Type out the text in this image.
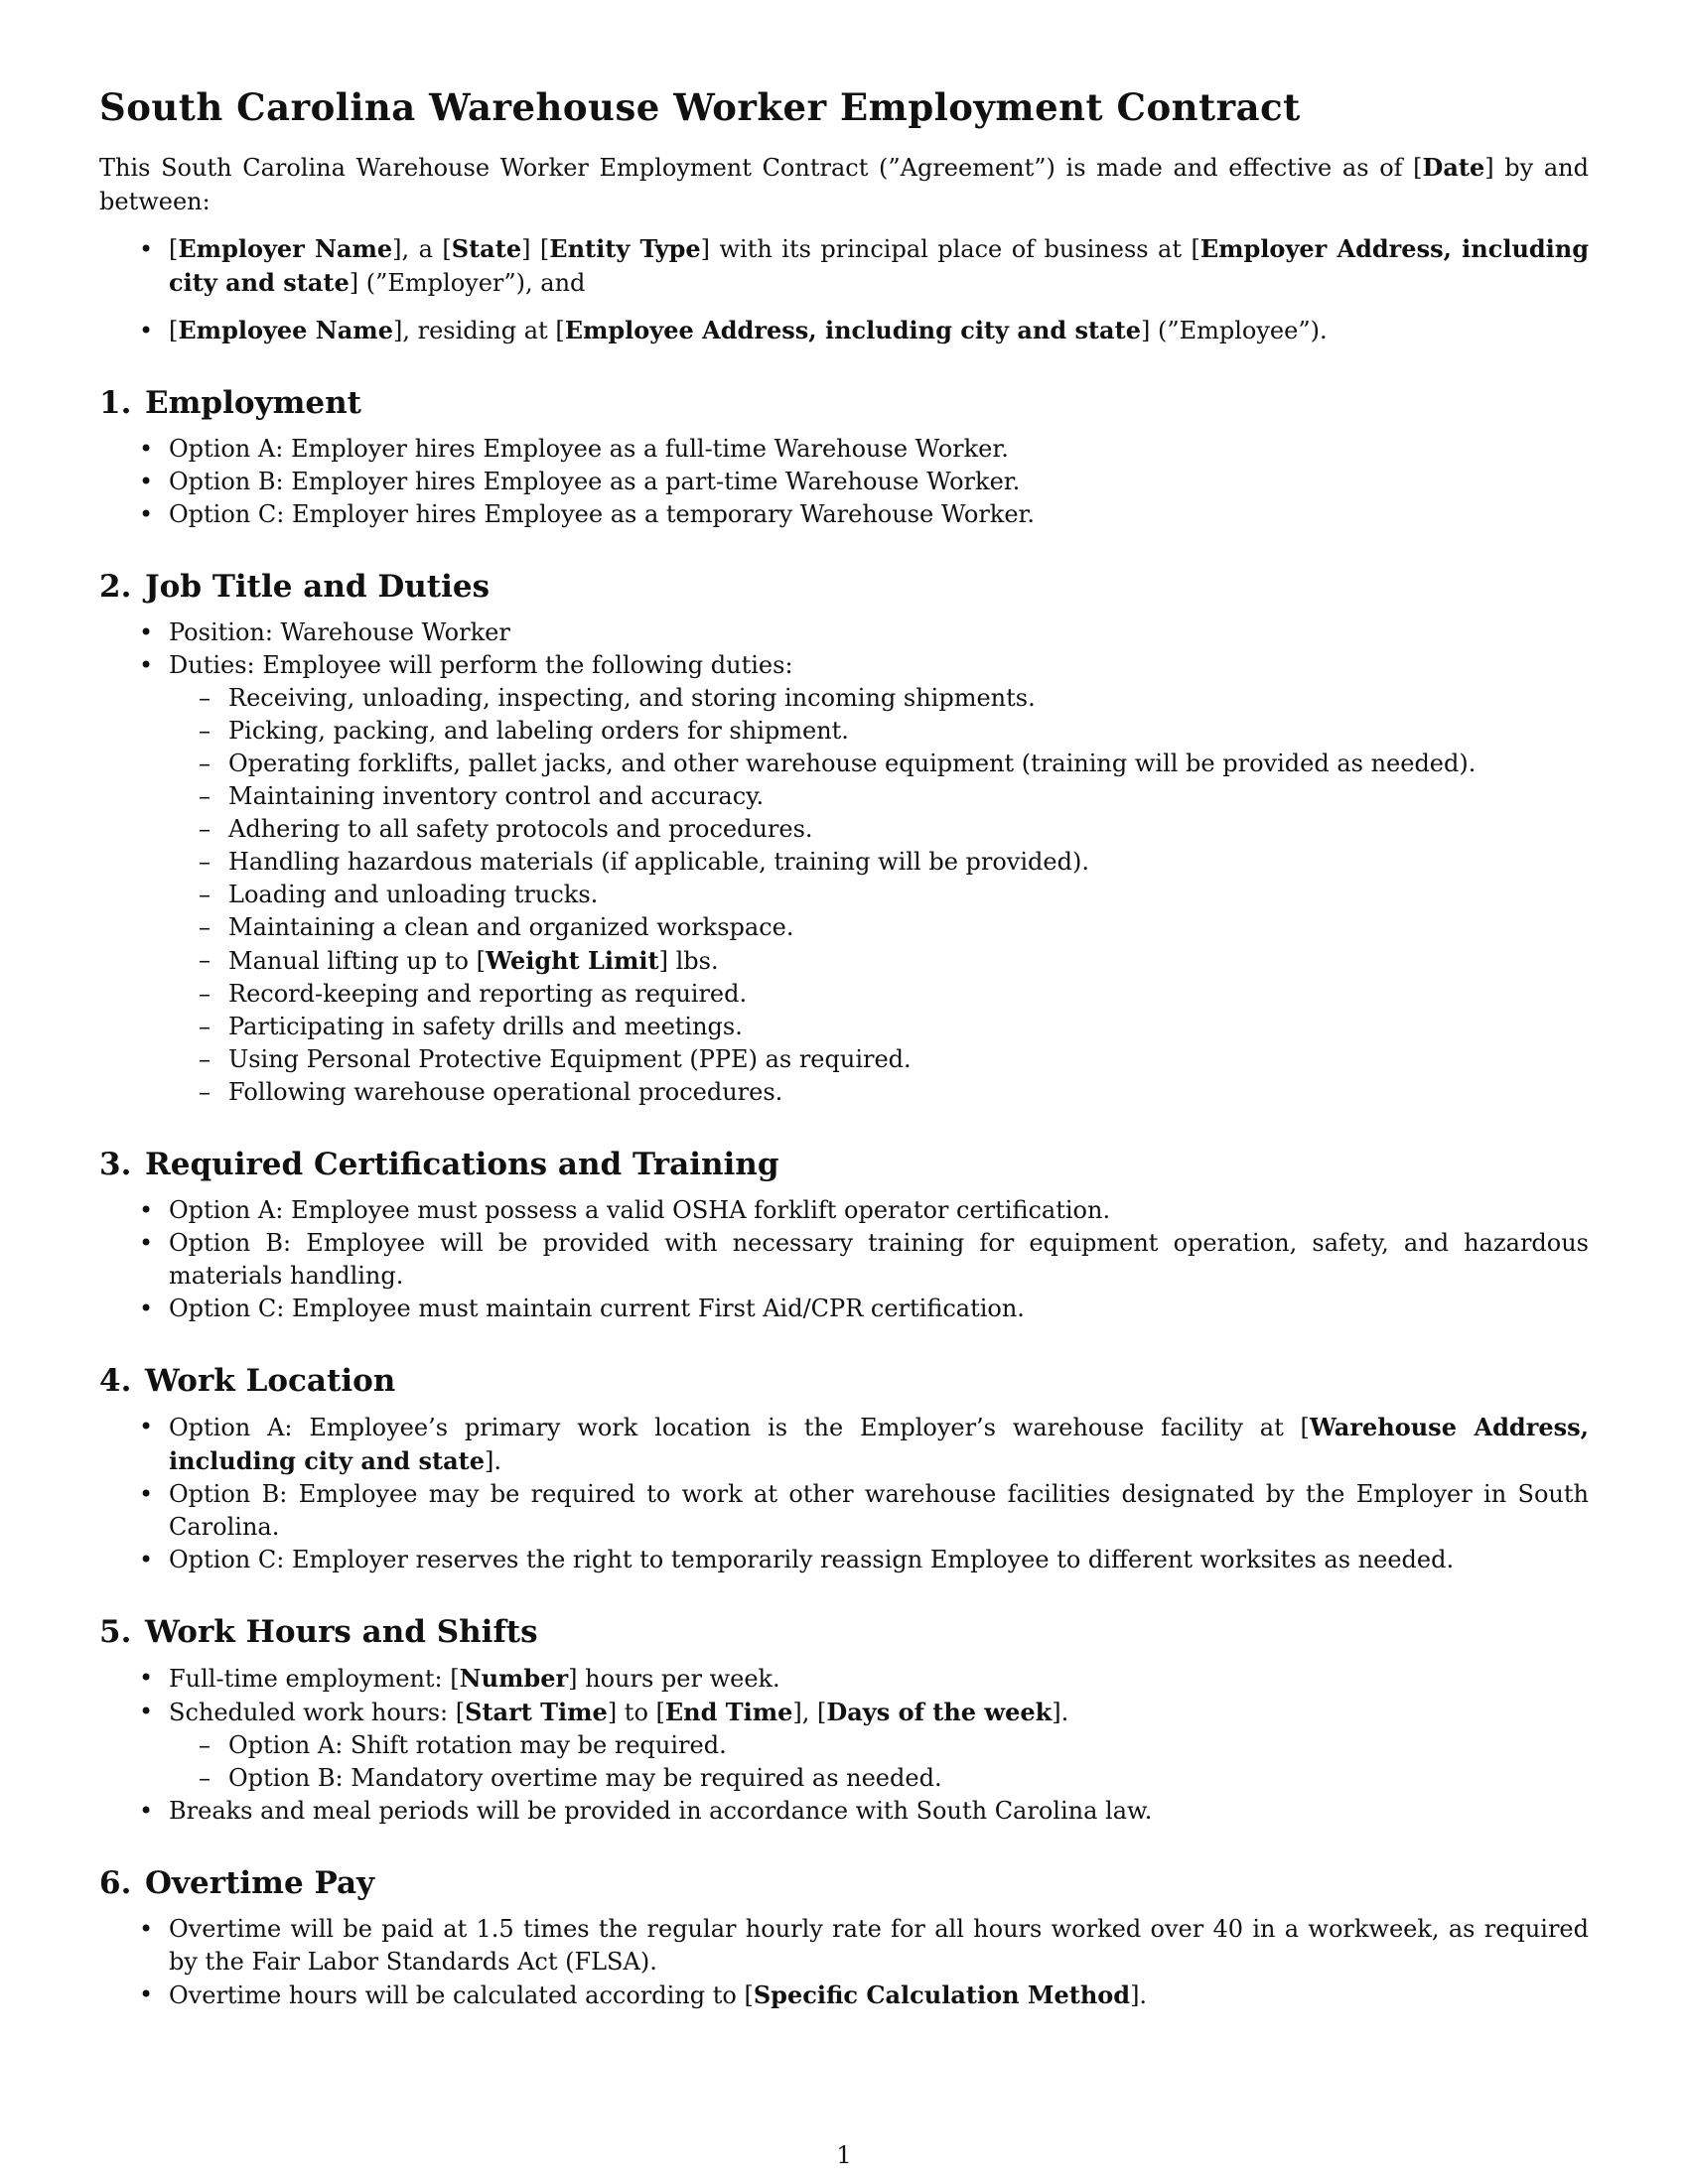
South Carolina Warehouse Worker Employment Contract

This South Carolina Warehouse Worker Employment Contract (”Agreement”) is made and effective as of [Date] by and between:

• [Employer Name], a [State] [Entity Type] with its principal place of business at [Employer Address, including city and state] (”Employer”), and
• [Employee Name], residing at [Employee Address, including city and state] (”Employee”).
1. Employment
• Option A: Employer hires Employee as a full-time Warehouse Worker.
• Option B: Employer hires Employee as a part-time Warehouse Worker.
• Option C: Employer hires Employee as a temporary Warehouse Worker.
2. Job Title and Duties
• Position: Warehouse Worker
• Duties: Employee will perform the following duties:
– Receiving, unloading, inspecting, and storing incoming shipments.
– Picking, packing, and labeling orders for shipment.
– Operating forklifts, pallet jacks, and other warehouse equipment (training will be provided as needed).
– Maintaining inventory control and accuracy.
– Adhering to all safety protocols and procedures.
– Handling hazardous materials (if applicable, training will be provided).
– Loading and unloading trucks.
– Maintaining a clean and organized workspace.
– Manual lifting up to [Weight Limit] lbs.
– Record-keeping and reporting as required.
– Participating in safety drills and meetings.
– Using Personal Protective Equipment (PPE) as required.
– Following warehouse operational procedures.
3. Required Certifications and Training
• Option A: Employee must possess a valid OSHA forklift operator certification.
• Option B: Employee will be provided with necessary training for equipment operation, safety, and hazardous materials handling.
• Option C: Employee must maintain current First Aid/CPR certification.
4. Work Location
• Option A: Employee’s primary work location is the Employer’s warehouse facility at [Warehouse Address, including city and state].
• Option B: Employee may be required to work at other warehouse facilities designated by the Employer in South Carolina.
• Option C: Employer reserves the right to temporarily reassign Employee to different worksites as needed.
5. Work Hours and Shifts
• Full-time employment: [Number] hours per week.
• Scheduled work hours: [Start Time] to [End Time], [Days of the week].
– Option A: Shift rotation may be required.
– Option B: Mandatory overtime may be required as needed.
• Breaks and meal periods will be provided in accordance with South Carolina law.
6. Overtime Pay
• Overtime will be paid at 1.5 times the regular hourly rate for all hours worked over 40 in a workweek, as required by the Fair Labor Standards Act (FLSA).
• Overtime hours will be calculated according to [Specific Calculation Method].
1
